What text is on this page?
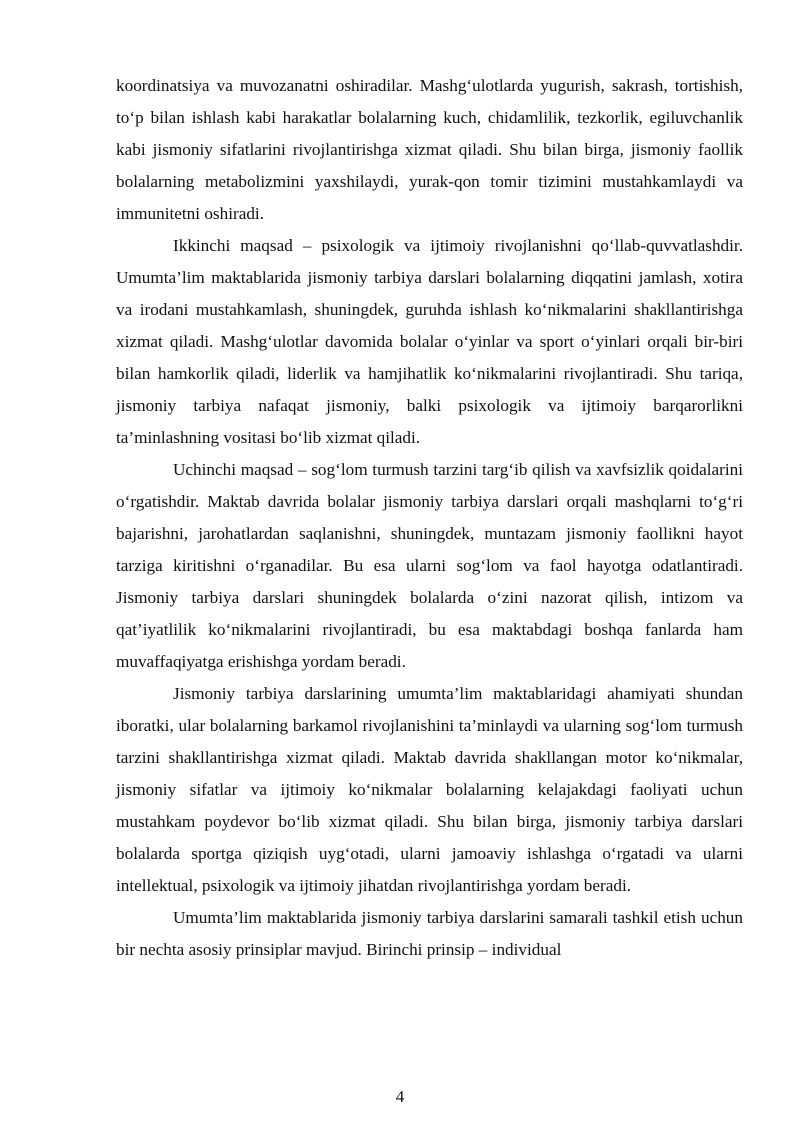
koordinatsiya va muvozanatni oshiradilar. Mashg‘ulotlarda yugurish, sakrash, tortishish, to‘p bilan ishlash kabi harakatlar bolalarning kuch, chidamlilik, tezkorlik, egiluvchanlik kabi jismoniy sifatlarini rivojlantirishga xizmat qiladi. Shu bilan birga, jismoniy faollik bolalarning metabolizmini yaxshilaydi, yurak-qon tomir tizimini mustahkamlaydi va immunitetni oshiradi.

Ikkinchi maqsad – psixologik va ijtimoiy rivojlanishni qo‘llab-quvvatlashdir. Umumta’lim maktablarida jismoniy tarbiya darslari bolalarning diqqatini jamlash, xotira va irodani mustahkamlash, shuningdek, guruhda ishlash ko‘nikmalarini shakllantirishga xizmat qiladi. Mashg‘ulotlar davomida bolalar o‘yinlar va sport o‘yinlari orqali bir-biri bilan hamkorlik qiladi, liderlik va hamjihatlik ko‘nikmalarini rivojlantiradi. Shu tariqa, jismoniy tarbiya nafaqat jismoniy, balki psixologik va ijtimoiy barqarorlikni ta’minlashning vositasi bo‘lib xizmat qiladi.

Uchinchi maqsad – sog‘lom turmush tarzini targ‘ib qilish va xavfsizlik qoidalarini o‘rgatishdir. Maktab davrida bolalar jismoniy tarbiya darslari orqali mashqlarni to‘g‘ri bajarishni, jarohatlardan saqlanishni, shuningdek, muntazam jismoniy faollikni hayot tarziga kiritishni o‘rganadilar. Bu esa ularni sog‘lom va faol hayotga odatlantiradi. Jismoniy tarbiya darslari shuningdek bolalarda o‘zini nazorat qilish, intizom va qat’iyatlilik ko‘nikmalarini rivojlantiradi, bu esa maktabdagi boshqa fanlarda ham muvaffaqiyatga erishishga yordam beradi.

Jismoniy tarbiya darslarining umumta’lim maktablaridagi ahamiyati shundan iboratki, ular bolalarning barkamol rivojlanishini ta’minlaydi va ularning sog‘lom turmush tarzini shakllantirishga xizmat qiladi. Maktab davrida shakllangan motor ko‘nikmalar, jismoniy sifatlar va ijtimoiy ko‘nikmalar bolalarning kelajakdagi faoliyati uchun mustahkam poydevor bo‘lib xizmat qiladi. Shu bilan birga, jismoniy tarbiya darslari bolalarda sportga qiziqish uyg‘otadi, ularni jamoaviy ishlashga o‘rgatadi va ularni intellektual, psixologik va ijtimoiy jihatdan rivojlantirishga yordam beradi.

Umumta’lim maktablarida jismoniy tarbiya darslarini samarali tashkil etish uchun bir nechta asosiy prinsiplar mavjud. Birinchi prinsip – individual

4
